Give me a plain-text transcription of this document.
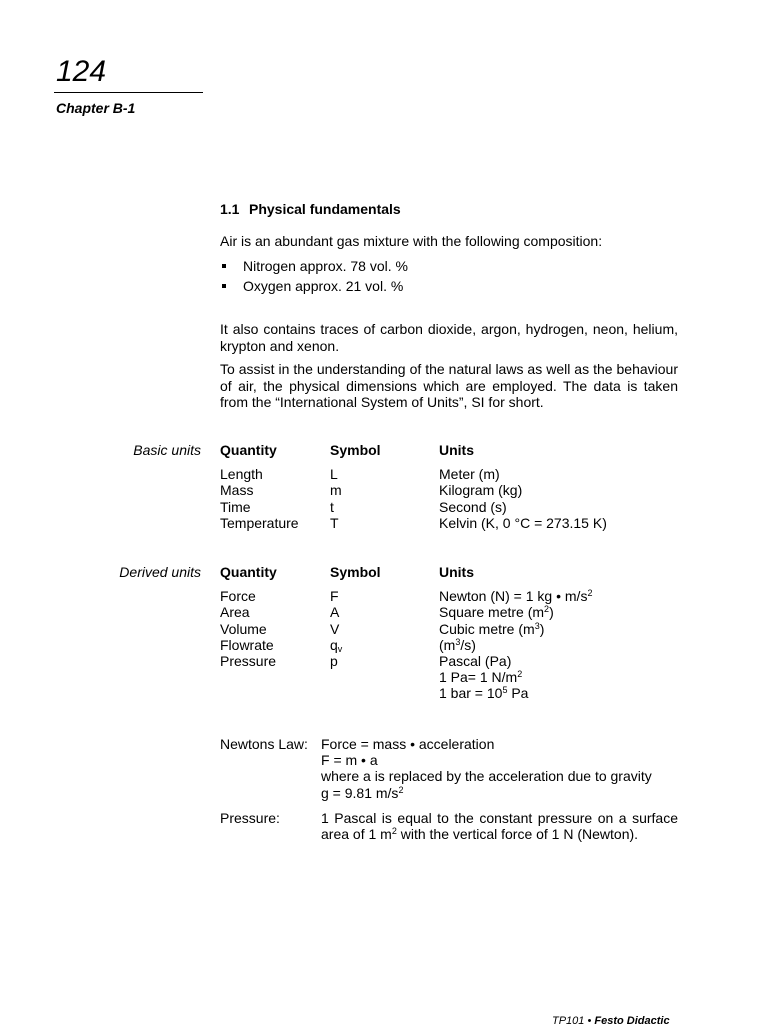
124
Chapter B-1
1.1 Physical fundamentals
Air is an abundant gas mixture with the following composition:
Nitrogen approx. 78 vol. %
Oxygen approx. 21 vol. %
It also contains traces of carbon dioxide, argon, hydrogen, neon, helium, krypton and xenon.
To assist in the understanding of the natural laws as well as the behaviour of air, the physical dimensions which are employed. The data is taken from the “International System of Units”, SI for short.
Basic units Quantity	Symbol	Units
Length	L	Meter (m)
Mass	m	Kilogram (kg)
Time	t	Second (s)
Temperature	T	Kelvin (K, 0 °C = 273.15 K)
Derived units Quantity	Symbol	Units
Force	F	Newton (N) = 1 kg • $m/s^2$
Area	A	Square metre $(m^2)$
Volume	V	Cubic metre $(m^3)$
Flowrate	$q_v$	$(m^3/s)$
Pressure	p	Pascal (Pa)
		1 Pa= 1 $N/m^2$
		1 bar = $10^5$ Pa
Newtons Law: Force = mass • acceleration
F = m • a
where a is replaced by the acceleration due to gravity
g = 9.81 $m/s^2$
Pressure:	1 Pascal is equal to the constant pressure on a surface area of 1 $m^2$ with the vertical force of 1 N (Newton).
TP101 • Festo Didactic
